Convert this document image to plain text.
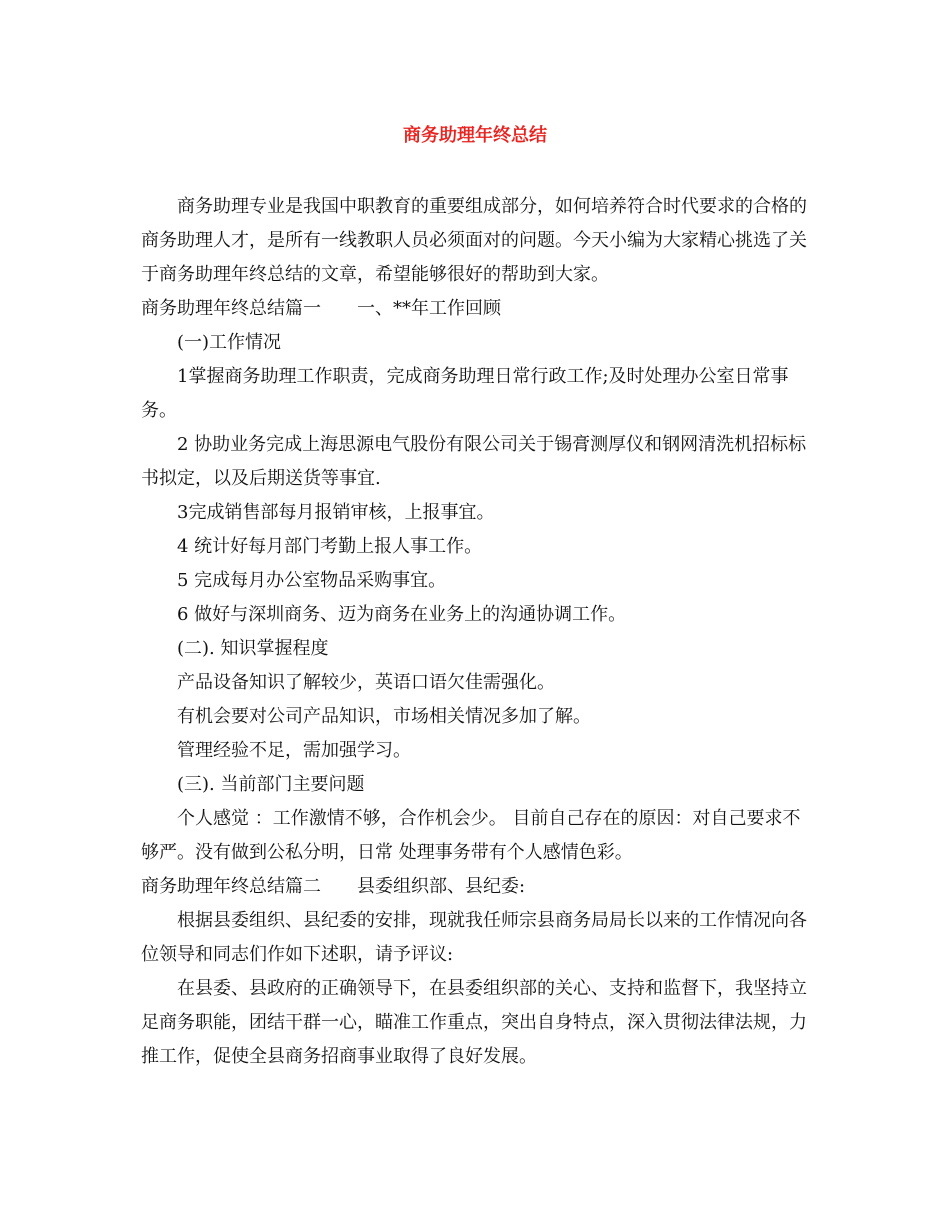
商务助理年终总结

商务助理专业是我国中职教育的重要组成部分，如何培养符合时代要求的合格的商务助理人才，是所有一线教职人员必须面对的问题。今天小编为大家精心挑选了关于商务助理年终总结的文章，希望能够很好的帮助到大家。

商务助理年终总结篇一　　一、**年工作回顾

(一)工作情况

1掌握商务助理工作职责，完成商务助理日常行政工作;及时处理办公室日常事务。

2 协助业务完成上海思源电气股份有限公司关于锡膏测厚仪和钢网清洗机招标标书拟定，以及后期送货等事宜.

3完成销售部每月报销审核，上报事宜。

4 统计好每月部门考勤上报人事工作。

5 完成每月办公室物品采购事宜。

6 做好与深圳商务、迈为商务在业务上的沟通协调工作。

(二). 知识掌握程度

产品设备知识了解较少，英语口语欠佳需强化。

有机会要对公司产品知识，市场相关情况多加了解。

管理经验不足，需加强学习。

(三). 当前部门主要问题

个人感觉 ：工作激情不够，合作机会少。 目前自己存在的原因：对自己要求不够严。没有做到公私分明，日常 处理事务带有个人感情色彩。

商务助理年终总结篇二　　县委组织部、县纪委:

根据县委组织、县纪委的安排，现就我任师宗县商务局局长以来的工作情况向各位领导和同志们作如下述职，请予评议:

在县委、县政府的正确领导下，在县委组织部的关心、支持和监督下，我坚持立足商务职能，团结干群一心，瞄准工作重点，突出自身特点，深入贯彻法律法规，力推工作，促使全县商务招商事业取得了良好发展。
